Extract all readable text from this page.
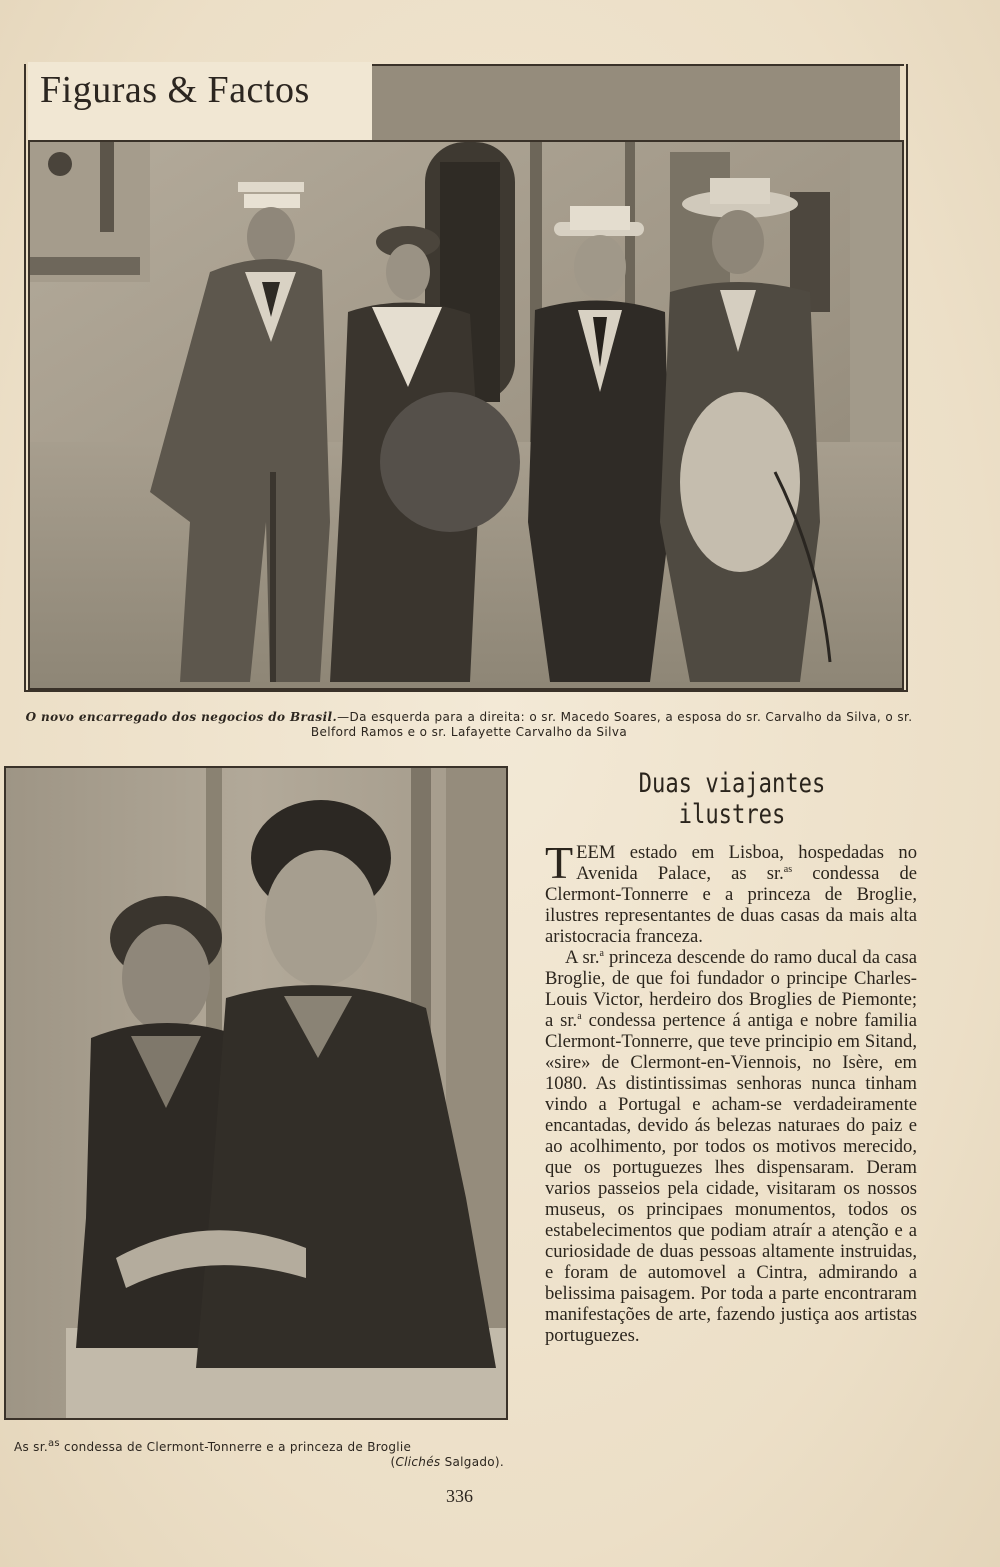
Figuras & Factos
O novo encarregado dos negocios do Brasil.—Da esquerda para a direita: o sr. Macedo Soares, a esposa do sr. Carvalho da Silva, o sr. Belford Ramos e o sr. Lafayette Carvalho da Silva
As sr.$^{as}$ condessa de Clermont-Tonnerre e a princeza de Broglie
(Clichés Salgado).
Duas viajantes ilustres

TEEM estado em Lisboa, hospedadas no Avenida Palace, as sr.$^{as}$ condessa de Clermont-Tonnerre e a princeza de Broglie, ilustres representantes de duas casas da mais alta aristocracia franceza.

A sr.$^a$ princeza descende do ramo ducal da casa Broglie, de que foi fundador o principe Charles-Louis Victor, herdeiro dos Broglies de Piemonte; a sr.$^a$ condessa pertence á antiga e nobre familia Clermont-Tonnerre, que teve principio em Sitand, «sire» de Clermont-en-Viennois, no Isère, em 1080. As distintissimas senhoras nunca tinham vindo a Portugal e acham-se verdadeiramente encantadas, devido ás belezas naturaes do paiz e ao acolhimento, por todos os motivos merecido, que os portuguezes lhes dispensaram. Deram varios passeios pela cidade, visitaram os nossos museus, os principaes monumentos, todos os estabelecimentos que podiam atraír a atenção e a curiosidade de duas pessoas altamente instruidas, e foram de automovel a Cintra, admirando a belissima paisagem. Por toda a parte encontraram manifestações de arte, fazendo justiça aos artistas portuguezes.

336
